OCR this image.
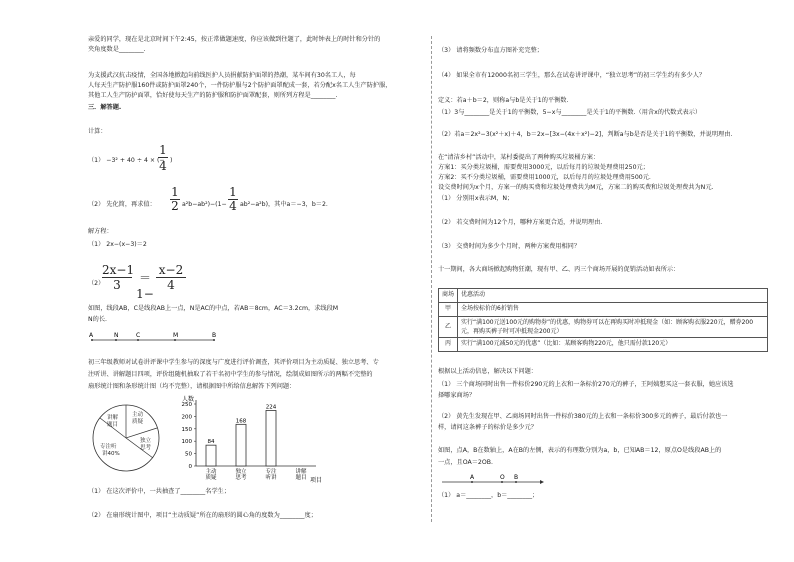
亲爱的同学，现在是北京时间下午2:45，按正常做题速度，你应该做到往题了，此时钟表上的时针和分针的
夹角度数是________.
为支援武汉抗击疫情，全国各地掀起向前线医护人员捐献防护面罩的热潮，某车间有30名工人，每
人每天生产防护服160件或防护面罩240个，一件防护服与2个防护面罩配成一套，若分配x名工人生产防护服，
其他工人生产防护面罩，恰好使每天生产的防护服和防护面罩配套，则所列方程是________.
三．解答题.
计算：
（1） −3² + 40 ÷ 4 × (−
1
4 )
（2） 先化简，再求值：
1
2 a²b−ab²)−(1−
1
4 ab²−a²b)，其中a＝−3，b＝2.
解方程：
（1） 2x−(x−3)＝2
（2）
2x−1
3	＝1−
x−2
4
如图，线段AB，C是线段AB上一点，N是AC的中点，若AB＝8cm，AC＝3.2cm，求线段M
N的长.
A	N	C	M	B
初三年级教师对试卷讲评课中学生参与的深度与广度进行评价调查，其评价项目为主动质疑、独立思考、专
注听讲、讲解题目四项，评价组随机抽取了若干名初中学生的参与情况，绘制成如图所示的两幅不完整的
扇形统计图和条形统计图（均不完整），请根据图中所给信息解答下列问题：
讲解
题目
主动
质疑
独立
思考
专注听
讲40%
人数
项目
0
50
100
150
200
250
84
主动
质疑
168
独立
思考
224
专注
听讲
讲解
题目
（1） 在这次评价中，一共抽查了________名学生；
（2） 在扇形统计图中，项目“主动质疑”所在的扇形的圆心角的度数为________度；
（3） 请将频数分布直方图补充完整；
（4） 如果全市有12000名初三学生，那么在试卷讲评课中，“独立思考”的初三学生约有多少人？
定义：若a＋b＝2，则称a与b是关于1的平衡数.
（1）3与________是关于1的平衡数，5−x与________是关于1的平衡数.（用含x的代数式表示）
（2）若a＝2x²−3(x²＋x)＋4，b＝2x−[3x−(4x＋x²)−2]，判断a与b是否是关于1的平衡数，并说明理由.
在“清洁乡村”活动中，某村委提出了两种购买垃圾桶方案：
方案1：买分类垃圾桶，需要费用3000元，以后每月的垃圾处理费用250元；
方案2：买不分类垃圾桶，需要费用1000元，以后每月的垃圾处理费用500元.
设交费时间为x个月，方案一的购买费和垃圾处理费共为M元，方案二的购买费和垃圾处理费共为N元.
（1） 分别用x表示M，N；
（2） 若交费时间为12个月，哪种方案更合适，并说明理由.
（3） 交费时间为多少个月时，两种方案费用相同？
十一期间，各大商场掀起购物狂潮，现有甲、乙、丙三个商场开展的促销活动如表所示：
商场	优惠活动
甲	全场按标价的6折销售
乙	实行“满100元送100元的购物券”的优惠，购物券可以在再购买时冲抵现金（如：顾客购衣服220元，赠券200元，再购买裤子时可冲抵现金200元）
丙	实行“满100元减50元的优惠”（比如：某顾客购物220元，他只需付款120元）
根据以上活动信息，解决以下问题：
（1） 三个商场同时出售一件标价290元的上衣和一条标价270元的裤子，王阿姨想买这一套衣服，她应该选
择哪家商场？
（2） 黄先生发现在甲、乙商场同时出售一件标价380元的上衣和一条标价300多元的裤子，最后付款也一
样，请问这条裤子的标价是多少元？
如图，点A，B在数轴上，A在B的左侧，表示的有理数分别为a，b，已知AB＝12，原点O是线段AB上的
一点，且OA＝2OB.
A	O B
（1） a＝________，b＝________；
